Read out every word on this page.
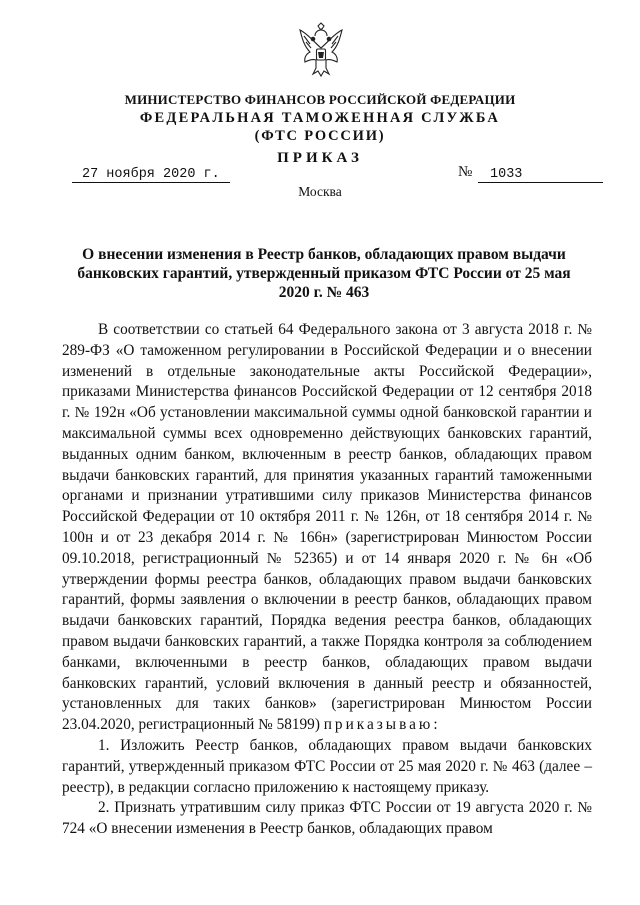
МИНИСТЕРСТВО ФИНАНСОВ РОССИЙСКОЙ ФЕДЕРАЦИИ
ФЕДЕРАЛЬНАЯ ТАМОЖЕННАЯ СЛУЖБА
(ФТС РОССИИ)
ПРИКАЗ
27 ноября 2020 г.	№	1033
Москва
О внесении изменения в Реестр банков, обладающих правом выдачи банковских гарантий, утвержденный приказом ФТС России от 25 мая 2020 г. № 463

В соответствии со статьей 64 Федерального закона от 3 августа 2018 г. № 289-ФЗ «О таможенном регулировании в Российской Федерации и о внесении изменений в отдельные законодательные акты Российской Федерации», приказами Министерства финансов Российской Федерации от 12 сентября 2018 г. № 192н «Об установлении максимальной суммы одной банковской гарантии и максимальной суммы всех одновременно действующих банковских гарантий, выданных одним банком, включенным в реестр банков, обладающих правом выдачи банковских гарантий, для принятия указанных гарантий таможенными органами и признании утратившими силу приказов Министерства финансов Российской Федерации от 10 октября 2011 г. № 126н, от 18 сентября 2014 г. № 100н и от 23 декабря 2014 г. № 166н» (зарегистрирован Минюстом России 09.10.2018, регистрационный № 52365) и от 14 января 2020 г. № 6н «Об утверждении формы реестра банков, обладающих правом выдачи банковских гарантий, формы заявления о включении в реестр банков, обладающих правом выдачи банковских гарантий, Порядка ведения реестра банков, обладающих правом выдачи банковских гарантий, а также Порядка контроля за соблюдением банками, включенными в реестр банков, обладающих правом выдачи банковских гарантий, условий включения в данный реестр и обязанностей, установленных для таких банков» (зарегистрирован Минюстом России 23.04.2020, регистрационный № 58199) приказываю:

1. Изложить Реестр банков, обладающих правом выдачи банковских гарантий, утвержденный приказом ФТС России от 25 мая 2020 г. № 463 (далее – реестр), в редакции согласно приложению к настоящему приказу.

2. Признать утратившим силу приказ ФТС России от 19 августа 2020 г. № 724 «О внесении изменения в Реестр банков, обладающих правом
